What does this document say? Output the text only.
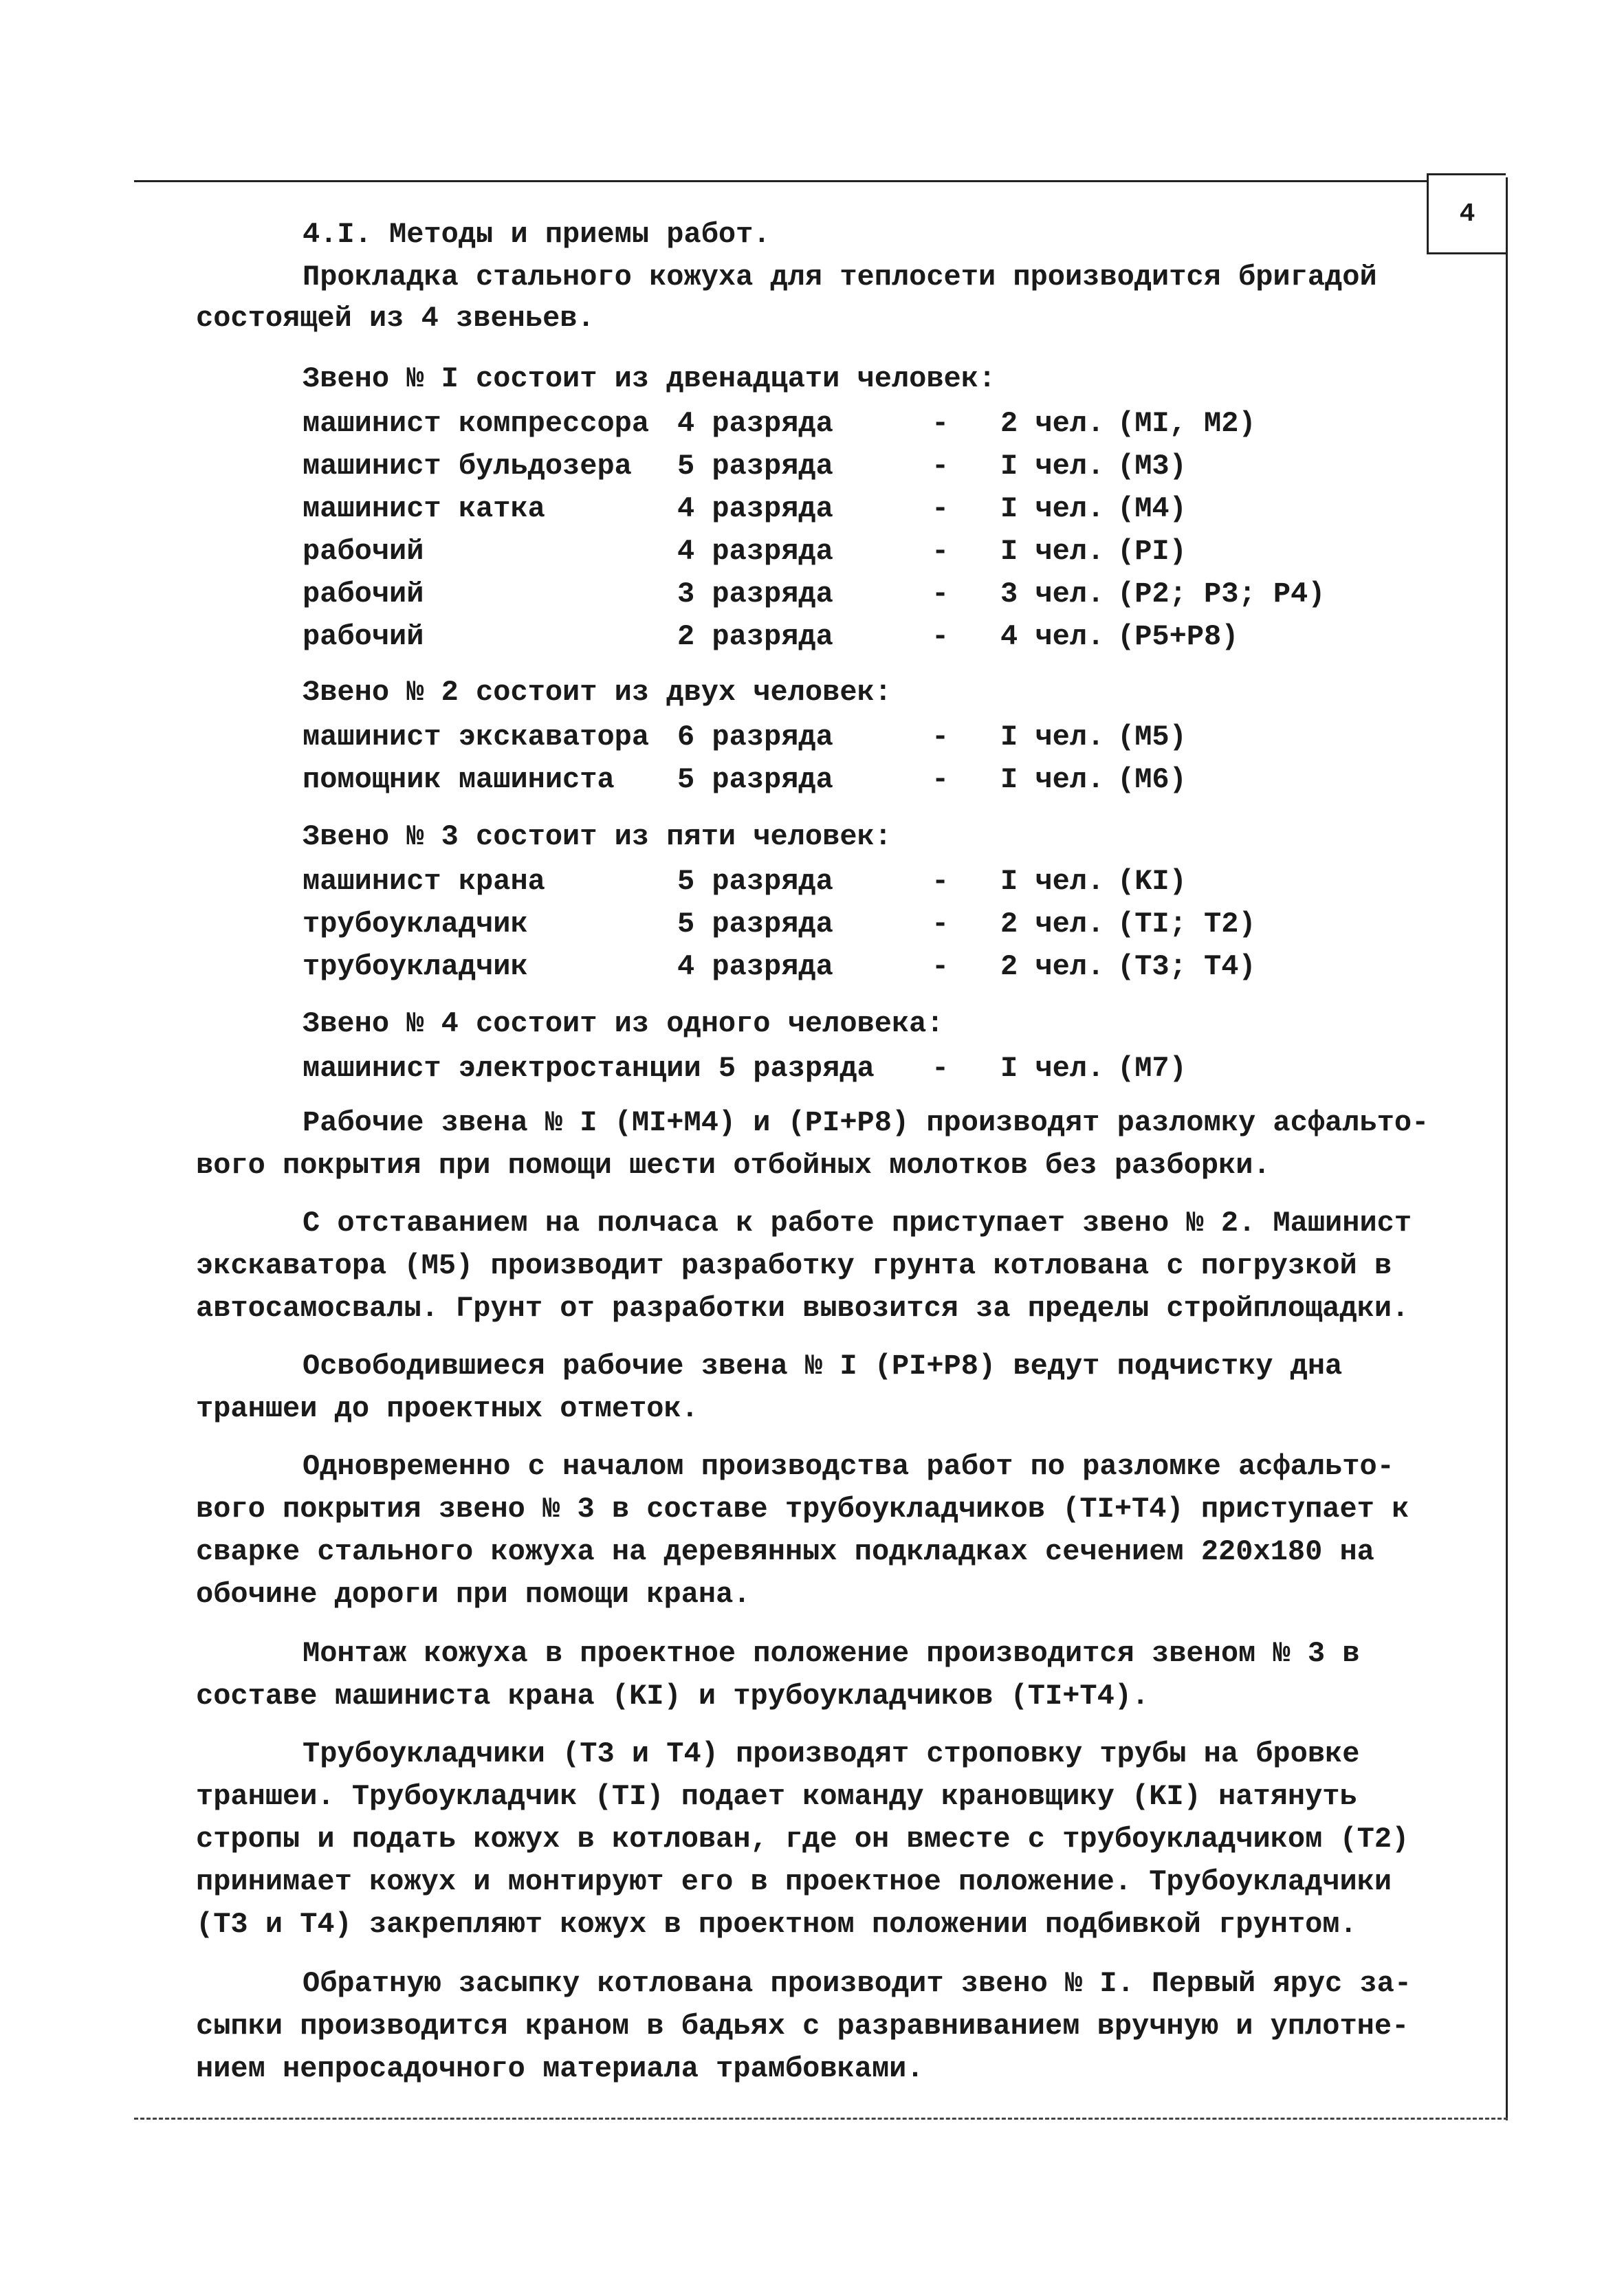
4
4.I. Методы и приемы работ.
Прокладка стального кожуха для теплосети производится бригадой
состоящей из 4 звеньев.
Звено № I состоит из двенадцати человек:
машинист компрессора 4 разряда	- 2 чел. (MI, M2)
машинист бульдозера 5 разряда	- I чел. (M3)
машинист катка	4 разряда	- I чел. (M4)
рабочий	4 разряда	- I чел. (PI)
рабочий	3 разряда	- 3 чел. (P2; P3; P4)
рабочий	2 разряда	- 4 чел. (P5+P8)
Звено № 2 состоит из двух человек:
машинист экскаватора 6 разряда	- I чел. (M5)
помощник машиниста 5 разряда	- I чел. (M6)
Звено № 3 состоит из пяти человек:
машинист крана	5 разряда	- I чел. (KI)
трубоукладчик	5 разряда	- 2 чел. (TI; T2)
трубоукладчик	4 разряда	- 2 чел. (T3; T4)
Звено № 4 состоит из одного человека:
машинист электростанции 5 разряда - I чел. (M7)
Рабочие звена № I (MI+M4) и (PI+P8) производят разломку асфальто-
вого покрытия при помощи шести отбойных молотков без разборки.
С отставанием на полчаса к работе приступает звено № 2. Машинист
экскаватора (M5) производит разработку грунта котлована с погрузкой в
автосамосвалы. Грунт от разработки вывозится за пределы стройплощадки.
Освободившиеся рабочие звена № I (PI+P8) ведут подчистку дна
траншеи до проектных отметок.
Одновременно с началом производства работ по разломке асфальто-
вого покрытия звено № 3 в составе трубоукладчиков (TI+T4) приступает к
сварке стального кожуха на деревянных подкладках сечением 220x180 на
обочине дороги при помощи крана.
Монтаж кожуха в проектное положение производится звеном № 3 в
составе машиниста крана (KI) и трубоукладчиков (TI+T4).
Трубоукладчики (T3 и T4) производят строповку трубы на бровке
траншеи. Трубоукладчик (TI) подает команду крановщику (KI) натянуть
стропы и подать кожух в котлован, где он вместе с трубоукладчиком (T2)
принимает кожух и монтируют его в проектное положение. Трубоукладчики
(T3 и T4) закрепляют кожух в проектном положении подбивкой грунтом.
Обратную засыпку котлована производит звено № I. Первый ярус за-
сыпки производится краном в бадьях с разравниванием вручную и уплотне-
нием непросадочного материала трамбовками.
